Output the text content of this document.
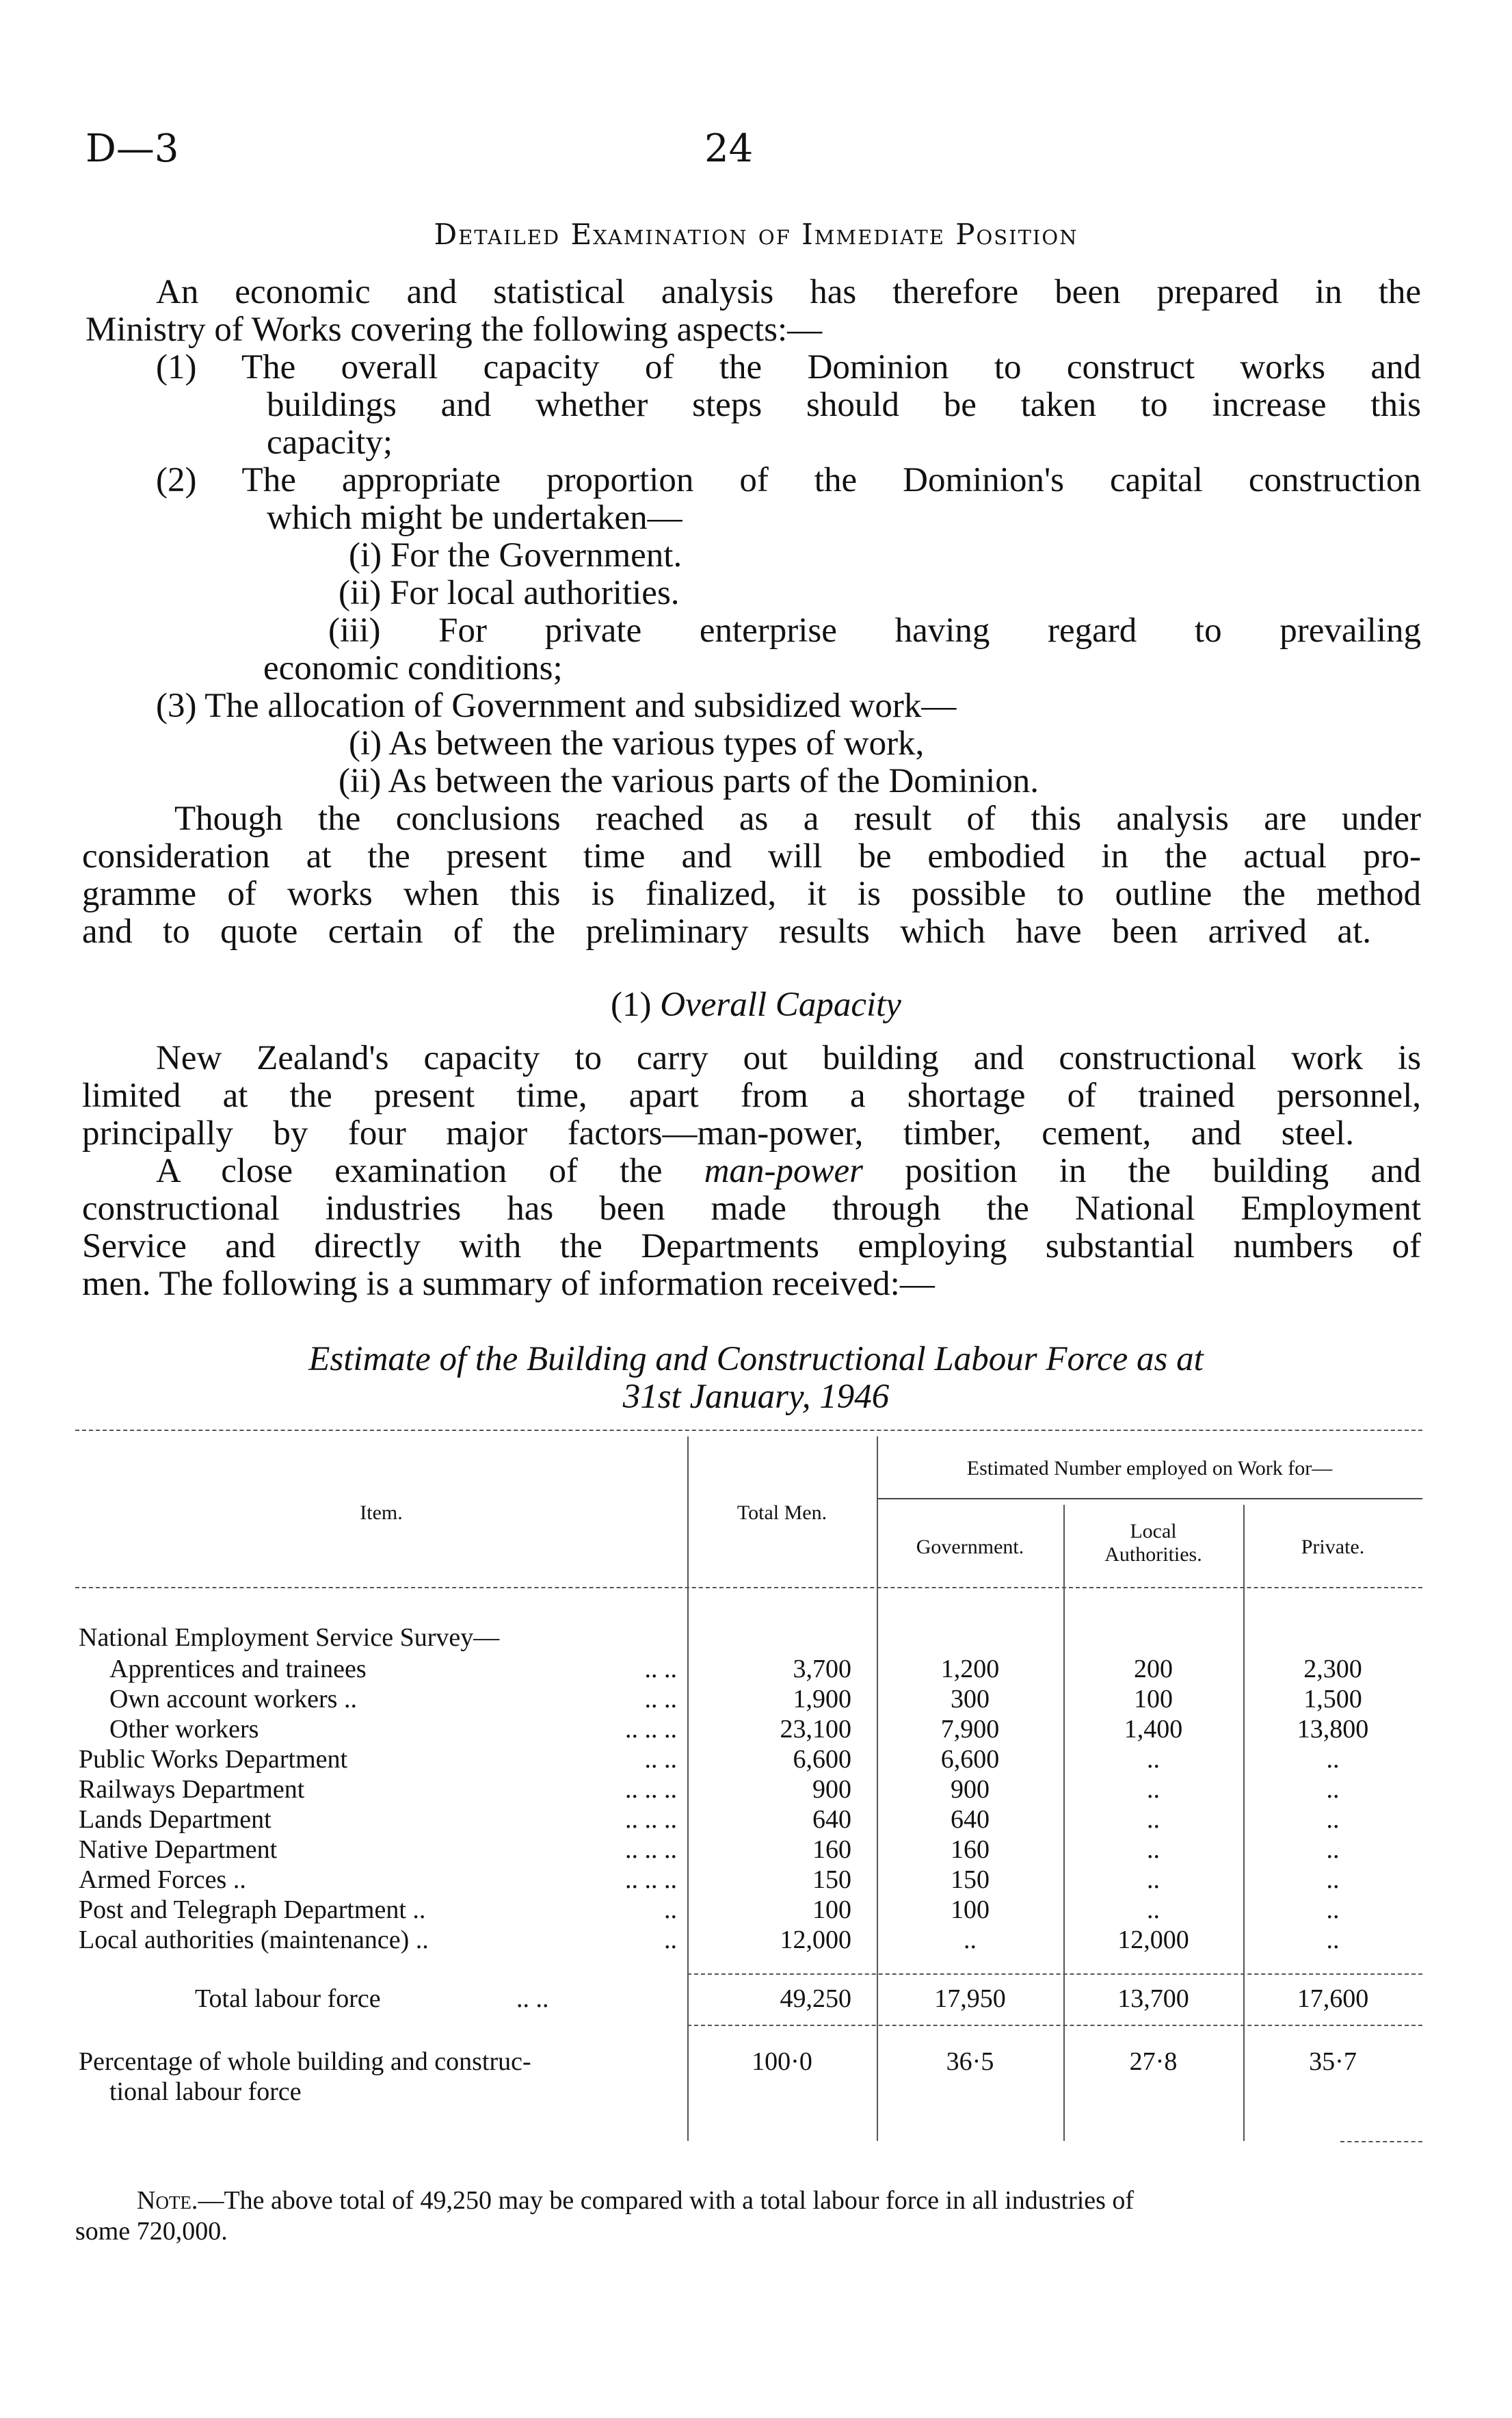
D—3	24
Detailed Examination of Immediate Position
An economic and statistical analysis has therefore been prepared in the
Ministry of Works covering the following aspects:—
(1) The overall capacity of the Dominion to construct works and
buildings and whether steps should be taken to increase this
capacity;
(2) The appropriate proportion of the Dominion's capital construction
which might be undertaken—
(i) For the Government.
(ii) For local authorities.
(iii) For private enterprise having regard to prevailing
economic conditions;
(3) The allocation of Government and subsidized work—
(i) As between the various types of work,
(ii) As between the various parts of the Dominion.
Though the conclusions reached as a result of this analysis are under
consideration at the present time and will be embodied in the actual pro-
gramme of works when this is finalized, it is possible to outline the method
and to quote certain of the preliminary results which have been arrived at.
(1) Overall Capacity
New Zealand's capacity to carry out building and constructional work is
limited at the present time, apart from a shortage of trained personnel,
principally by four major factors—man-power, timber, cement, and steel.
A close examination of the man-power position in the building and
constructional industries has been made through the National Employment
Service and directly with the Departments employing substantial numbers of
men. The following is a summary of information received:—
Estimate of the Building and Constructional Labour Force as at
31st January, 1946
Item.	Total Men.
Estimated Number employed on Work for—
Government.
Local
Authorities.	Private.
National Employment Service Survey—
Apprentices and trainees	.. ..	3,700	1,200	200	2,300
Own account workers ..	.. ..	1,900	300	100	1,500
Other workers	.. .. ..	23,100	7,900	1,400	13,800
Public Works Department	.. ..	6,600	6,600	..	..
Railways Department	.. .. ..	900	900	..	..
Lands Department	.. .. ..	640	640	..	..
Native Department	.. .. ..	160	160	..	..
Armed Forces ..	.. .. ..	150	150	..	..
Post and Telegraph Department ..	..	100	100	..	..
Local authorities (maintenance) ..	..	12,000	..	12,000	..
Total labour force	.. ..	49,250	17,950	13,700	17,600
Percentage of whole building and construc-
tional labour force
100·0	36·5	27·8	35·7
Note.—The above total of 49,250 may be compared with a total labour force in all industries of
some 720,000.
